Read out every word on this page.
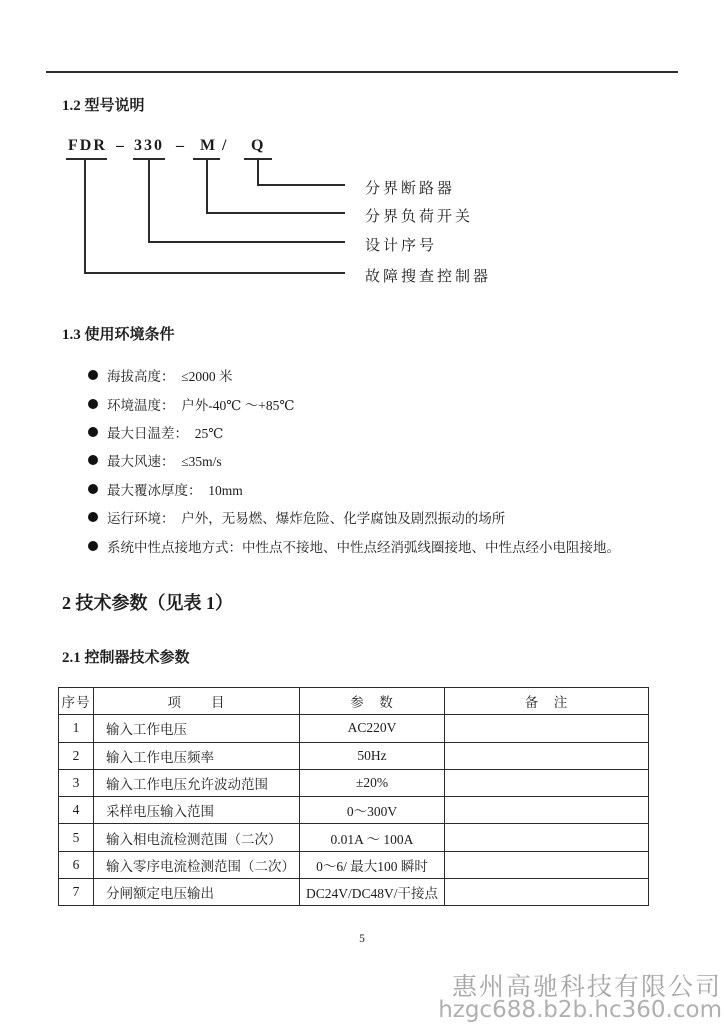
1.2 型号说明
FDR – 330 – M / Q
分界断路器
分界负荷开关
设计序号
故障搜查控制器
1.3 使用环境条件
海拔高度：　≤2000 米
环境温度：　户外-40℃ ～+85℃
最大日温差：　25℃
最大风速：　≤35m/s
最大覆冰厚度：　10mm
运行环境：　户外，无易燃、爆炸危险、化学腐蚀及剧烈振动的场所
系统中性点接地方式：中性点不接地、中性点经消弧线圈接地、中性点经小电阻接地。
2 技术参数（见表 1）
2.1 控制器技术参数
序号	项　　目	参　数	备　注
1	输入工作电压	AC220V	
2	输入工作电压频率	50Hz	
3	输入工作电压允许波动范围	±20%	
4	采样电压输入范围	0～300V	
5	输入相电流检测范围（二次）	0.01A ～ 100A	
6	输入零序电流检测范围（二次）	0～6/ 最大100 瞬时	
7	分闸额定电压输出	DC24V/DC48V/干接点	
5
惠州高驰科技有限公司
hzgc688.b2b.hc360.com
